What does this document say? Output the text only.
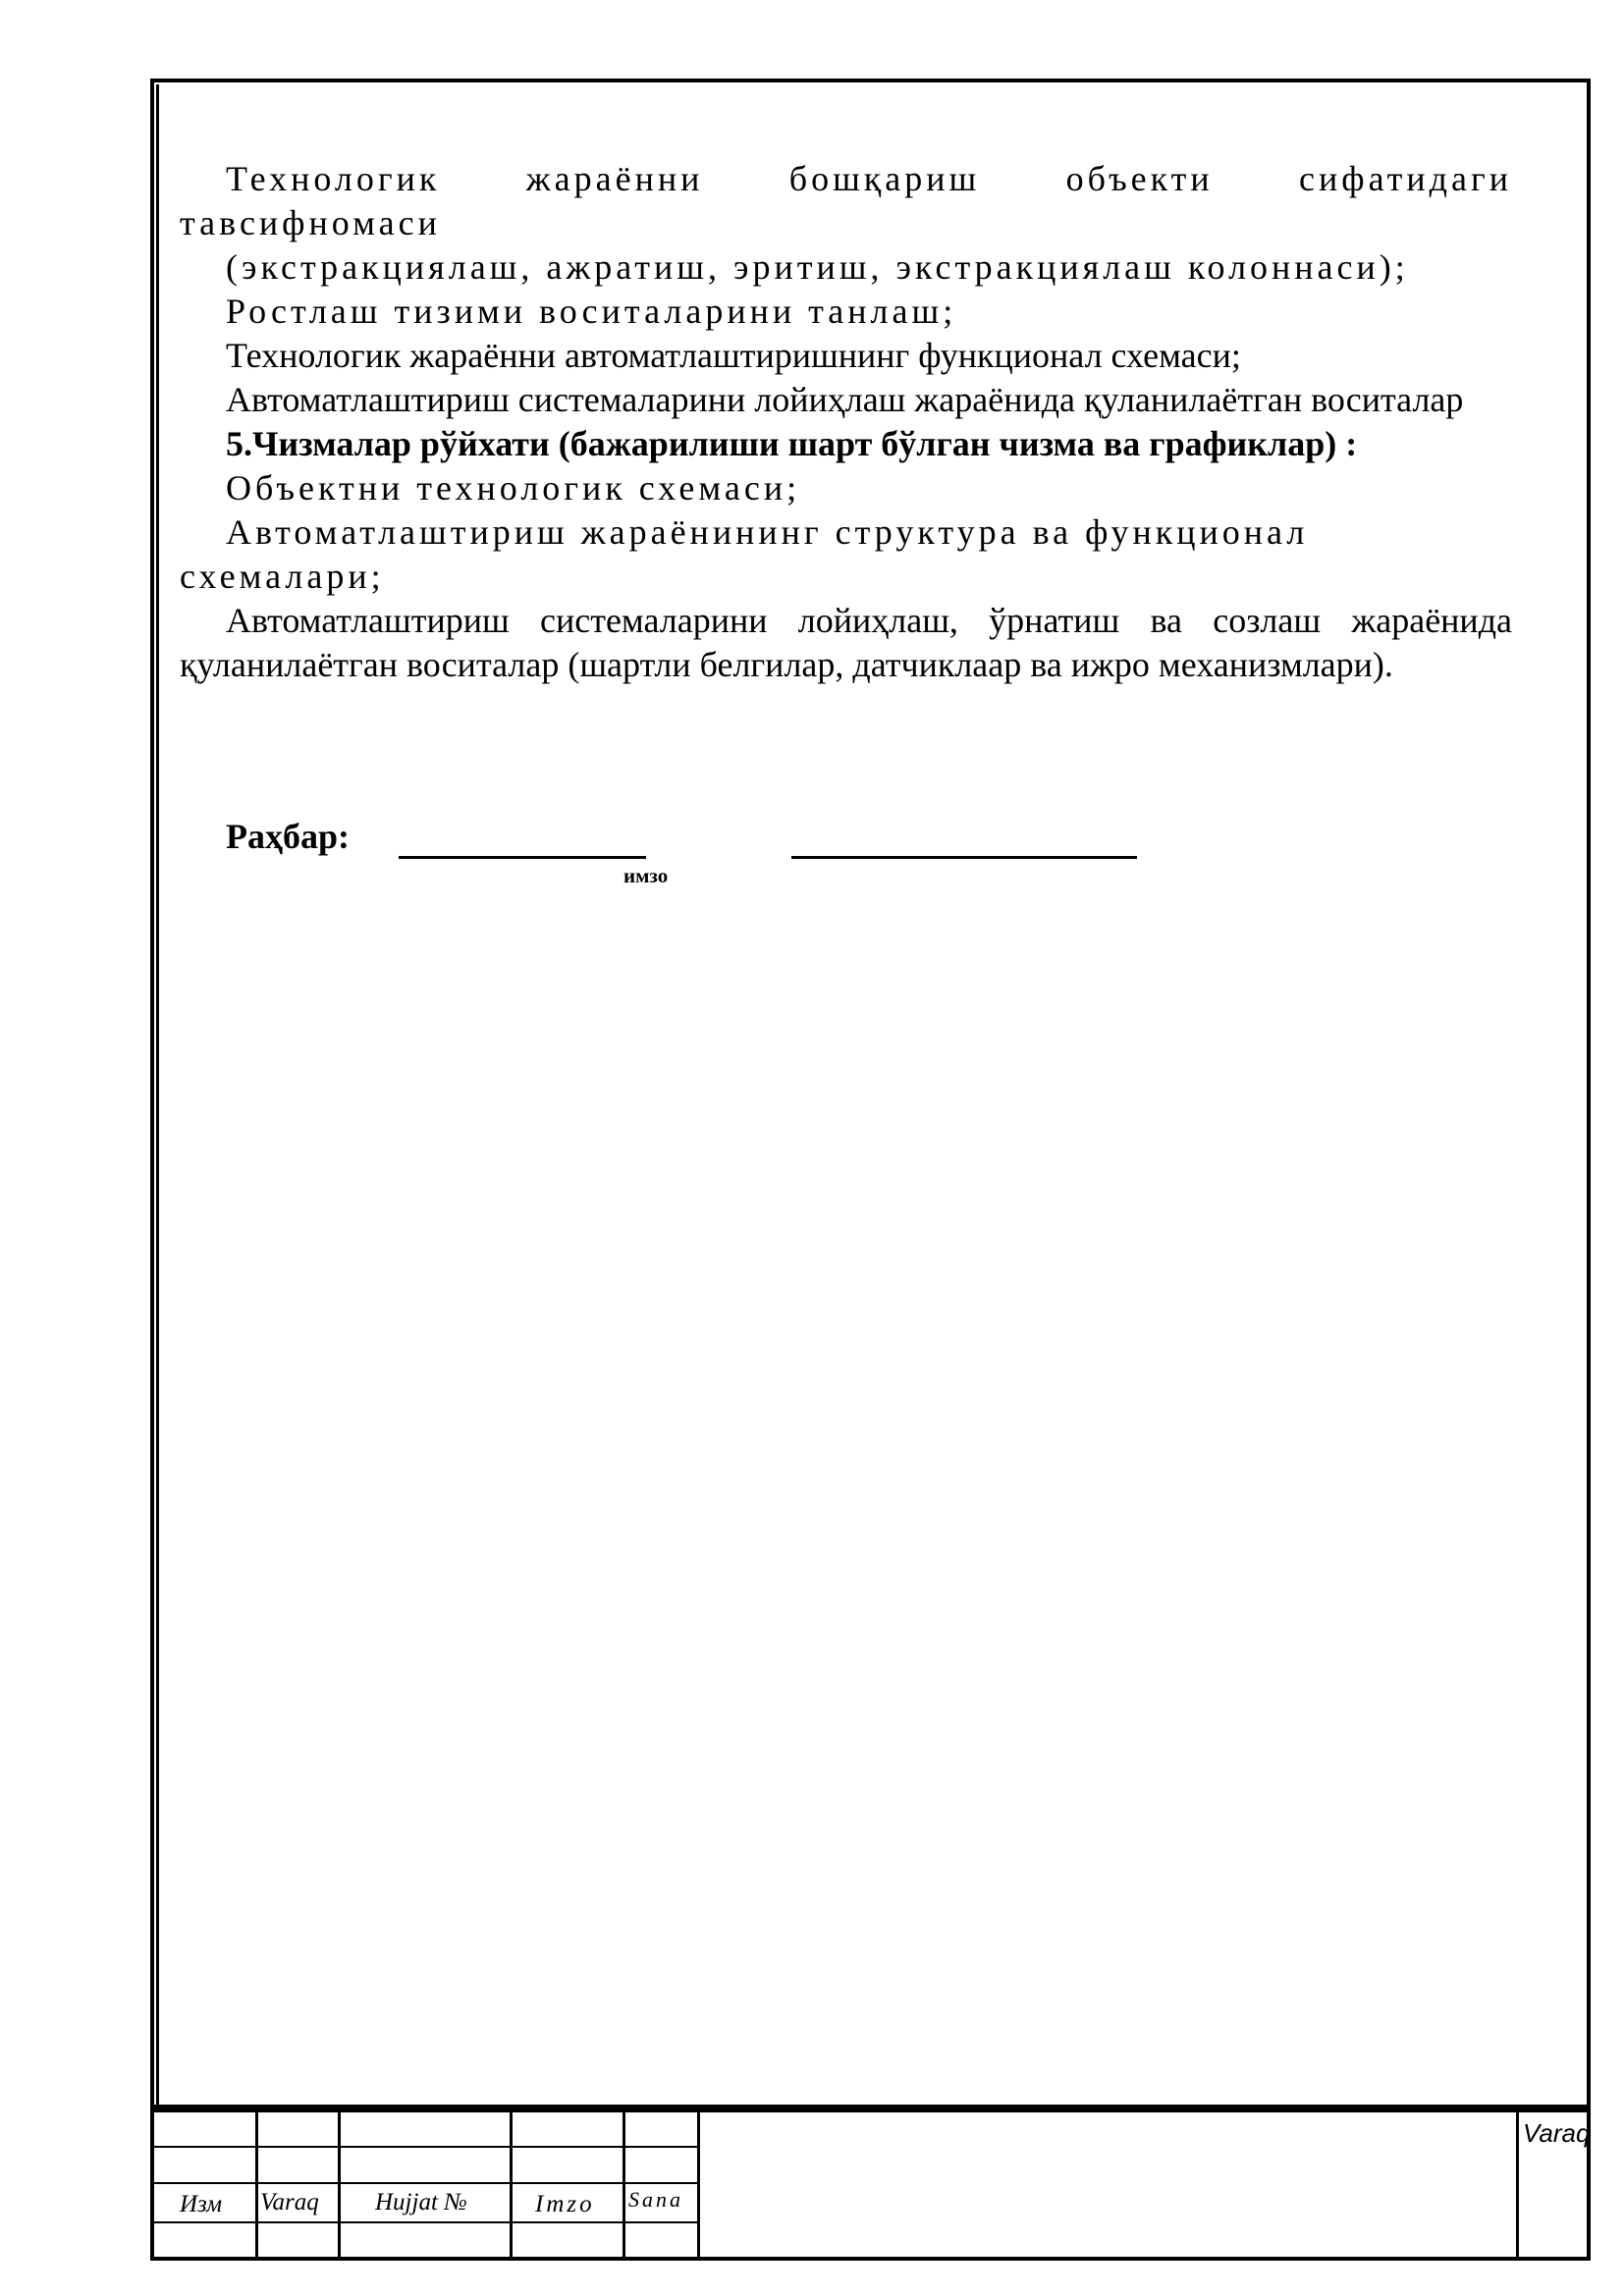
Технологик жараённи бошқариш объекти сифатидаги

тавсифномаси

(экстракциялаш, ажратиш, эритиш, экстракциялаш колоннаси);

Ростлаш тизими воситаларини танлаш;

Технологик жараённи автоматлаштиришнинг функционал схемаси;

Автоматлаштириш системаларини лойиҳлаш жараёнида қуланилаётган воситалар

5.Чизмалар рўйхати (бажарилиши шарт бўлган чизма ва графиклар) :

Объектни технологик схемаси;

Автоматлаштириш жараёнининг структура ва функционал схемалари;

Автоматлаштириш системаларини лойиҳлаш, ўрнатиш ва созлаш жараёнида қуланилаётган воситалар (шартли белгилар, датчиклаар ва ижро механизмлари).

Раҳбар:
имзо
Изм Varaq Hujjat №	Imzo Sana
Varaq
